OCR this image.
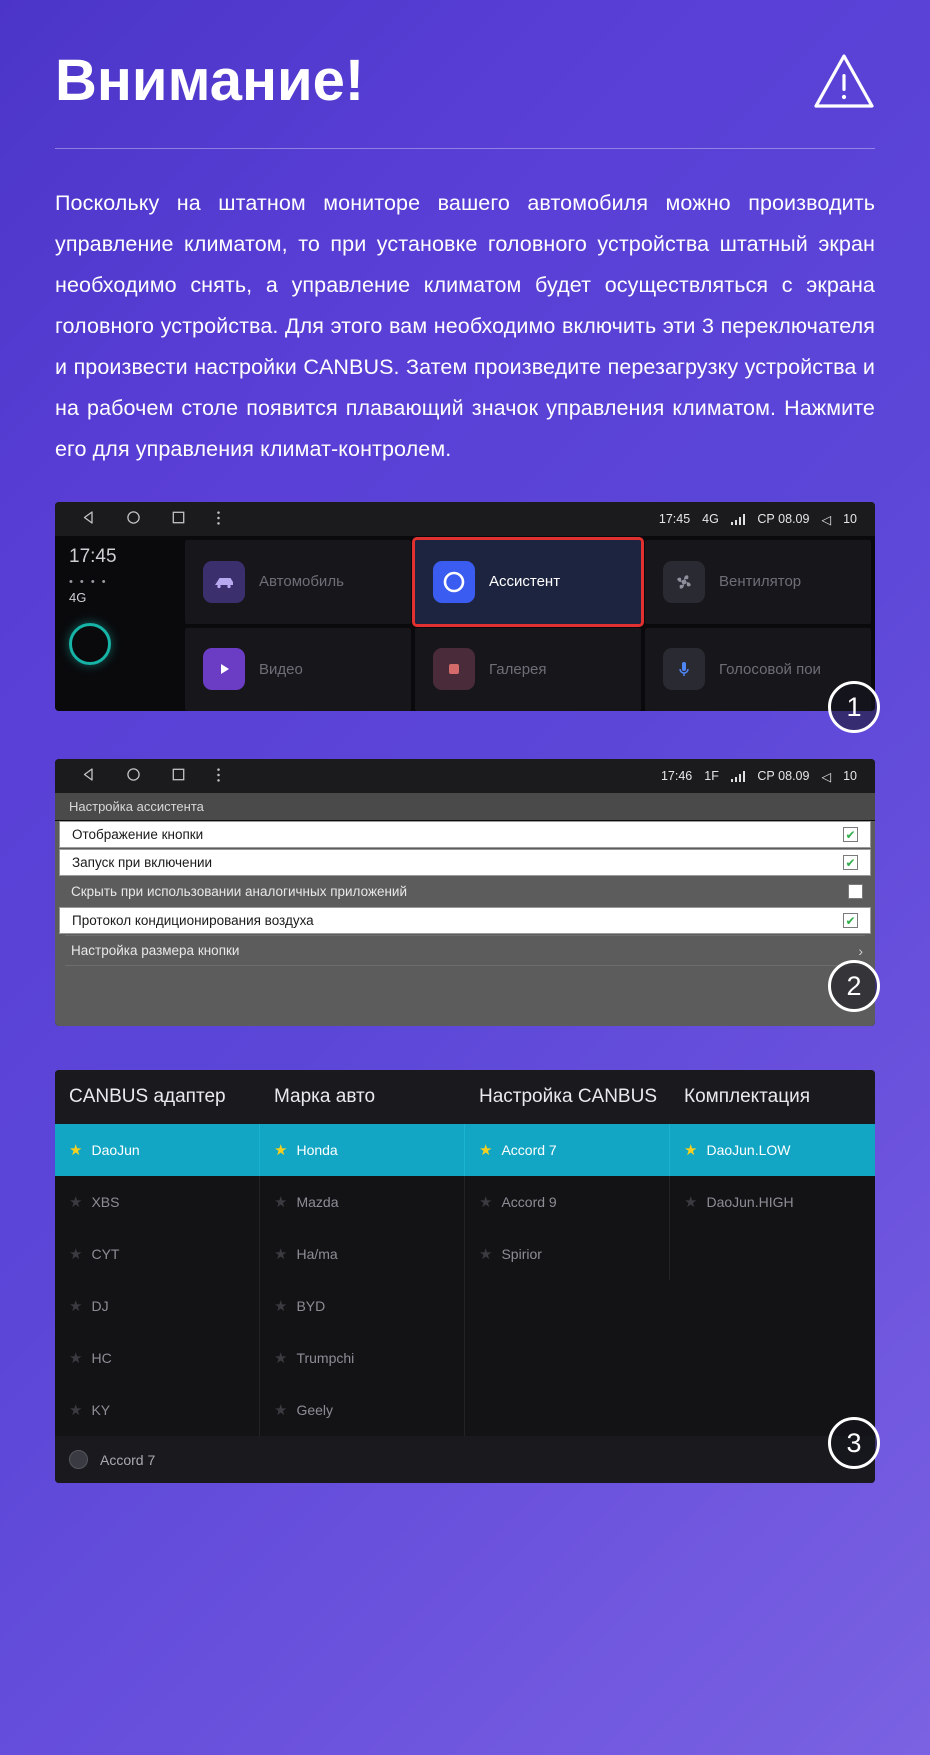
Внимание!
Поскольку на штатном мониторе вашего автомобиля можно производить управление климатом, то при установке головного устройства штатный экран необходимо снять, а управление климатом будет осуществляться с экрана головного устройства. Для этого вам необходимо включить эти 3 переключателя и произвести настройки CANBUS. Затем произведите перезагрузку устройства и на рабочем столе появится плавающий значок управления климатом. Нажмите его для управления климат-контролем.
17:45 4G	СР 08.09 ◁ 10
17:45
• • • •
4G
Автомобиль	Ассистент	Вентилятор
Видео	Галерея	Голосовой пои
1
17:46 1F	СР 08.09 ◁ 10
Настройка ассистента
Отображение кнопки	✔
Запуск при включении	✔
Скрыть при использовании аналогичных приложений
Протокол кондиционирования воздуха	✔
Настройка размера кнопки	›
2
CANBUS адаптер	Марка авто	Настройка CANBUS	Комплектация
★ DaoJun	★ Honda	★ Accord 7	★ DaoJun.LOW
★ XBS	★ Mazda	★ Accord 9	★ DaoJun.HIGH
★ CYT	★ Ha/ma	★ Spirior
★ DJ	★ BYD
★ HC	★ Trumpchi
★ KY	★ Geely
Accord 7
3
